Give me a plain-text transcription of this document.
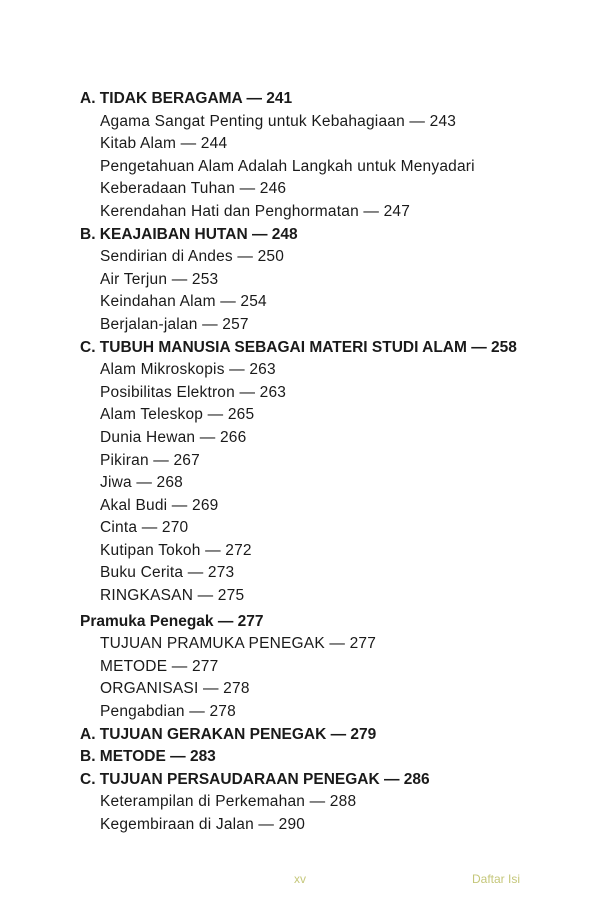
A. TIDAK BERAGAMA — 241
Agama Sangat Penting untuk Kebahagiaan — 243
Kitab Alam — 244
Pengetahuan Alam Adalah Langkah untuk Menyadari
Keberadaan Tuhan — 246
Kerendahan Hati dan Penghormatan — 247
B. KEAJAIBAN HUTAN — 248
Sendirian di Andes — 250
Air Terjun — 253
Keindahan Alam — 254
Berjalan-jalan — 257
C. TUBUH MANUSIA SEBAGAI MATERI STUDI ALAM — 258
Alam Mikroskopis — 263
Posibilitas Elektron — 263
Alam Teleskop — 265
Dunia Hewan — 266
Pikiran — 267
Jiwa — 268
Akal Budi — 269
Cinta — 270
Kutipan Tokoh — 272
Buku Cerita — 273
RINGKASAN — 275
Pramuka Penegak — 277
TUJUAN PRAMUKA PENEGAK — 277
METODE — 277
ORGANISASI — 278
Pengabdian — 278
A. TUJUAN GERAKAN PENEGAK — 279
B. METODE — 283
C. TUJUAN PERSAUDARAAN PENEGAK — 286
Keterampilan di Perkemahan — 288
Kegembiraan di Jalan — 290
xv	Daftar Isi
